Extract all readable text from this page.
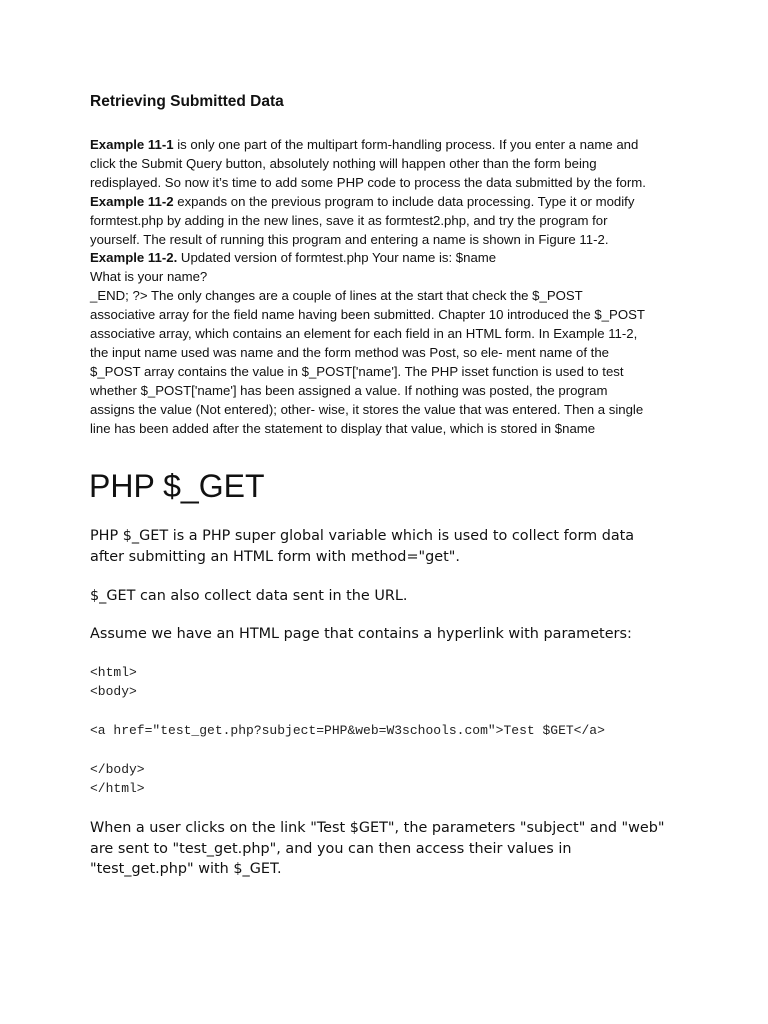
Retrieving Submitted Data

Example 11-1 is only one part of the multipart form-handling process. If you enter a name and
click the Submit Query button, absolutely nothing will happen other than the form being
redisplayed. So now it’s time to add some PHP code to process the data submitted by the form.
Example 11-2 expands on the previous program to include data processing. Type it or modify
formtest.php by adding in the new lines, save it as formtest2.php, and try the program for
yourself. The result of running this program and entering a name is shown in Figure 11-2.
Example 11-2. Updated version of formtest.php Your name is: $name
What is your name?
_END; ?> The only changes are a couple of lines at the start that check the $_POST
associative array for the field name having been submitted. Chapter 10 introduced the $_POST
associative array, which contains an element for each field in an HTML form. In Example 11-2,
the input name used was name and the form method was Post, so ele- ment name of the
$_POST array contains the value in $_POST['name']. The PHP isset function is used to test
whether $_POST['name'] has been assigned a value. If nothing was posted, the program
assigns the value (Not entered); other- wise, it stores the value that was entered. Then a single
line has been added after the statement to display that value, which is stored in $name

PHP $_GET

PHP $_GET is a PHP super global variable which is used to collect form data
after submitting an HTML form with method="get".

$_GET can also collect data sent in the URL.

Assume we have an HTML page that contains a hyperlink with parameters:

<html>
<body>
<a href="test_get.php?subject=PHP&web=W3schools.com">Test $GET</a>
</body>
</html>

When a user clicks on the link "Test $GET", the parameters "subject" and "web"
are sent to "test_get.php", and you can then access their values in
"test_get.php" with $_GET.
